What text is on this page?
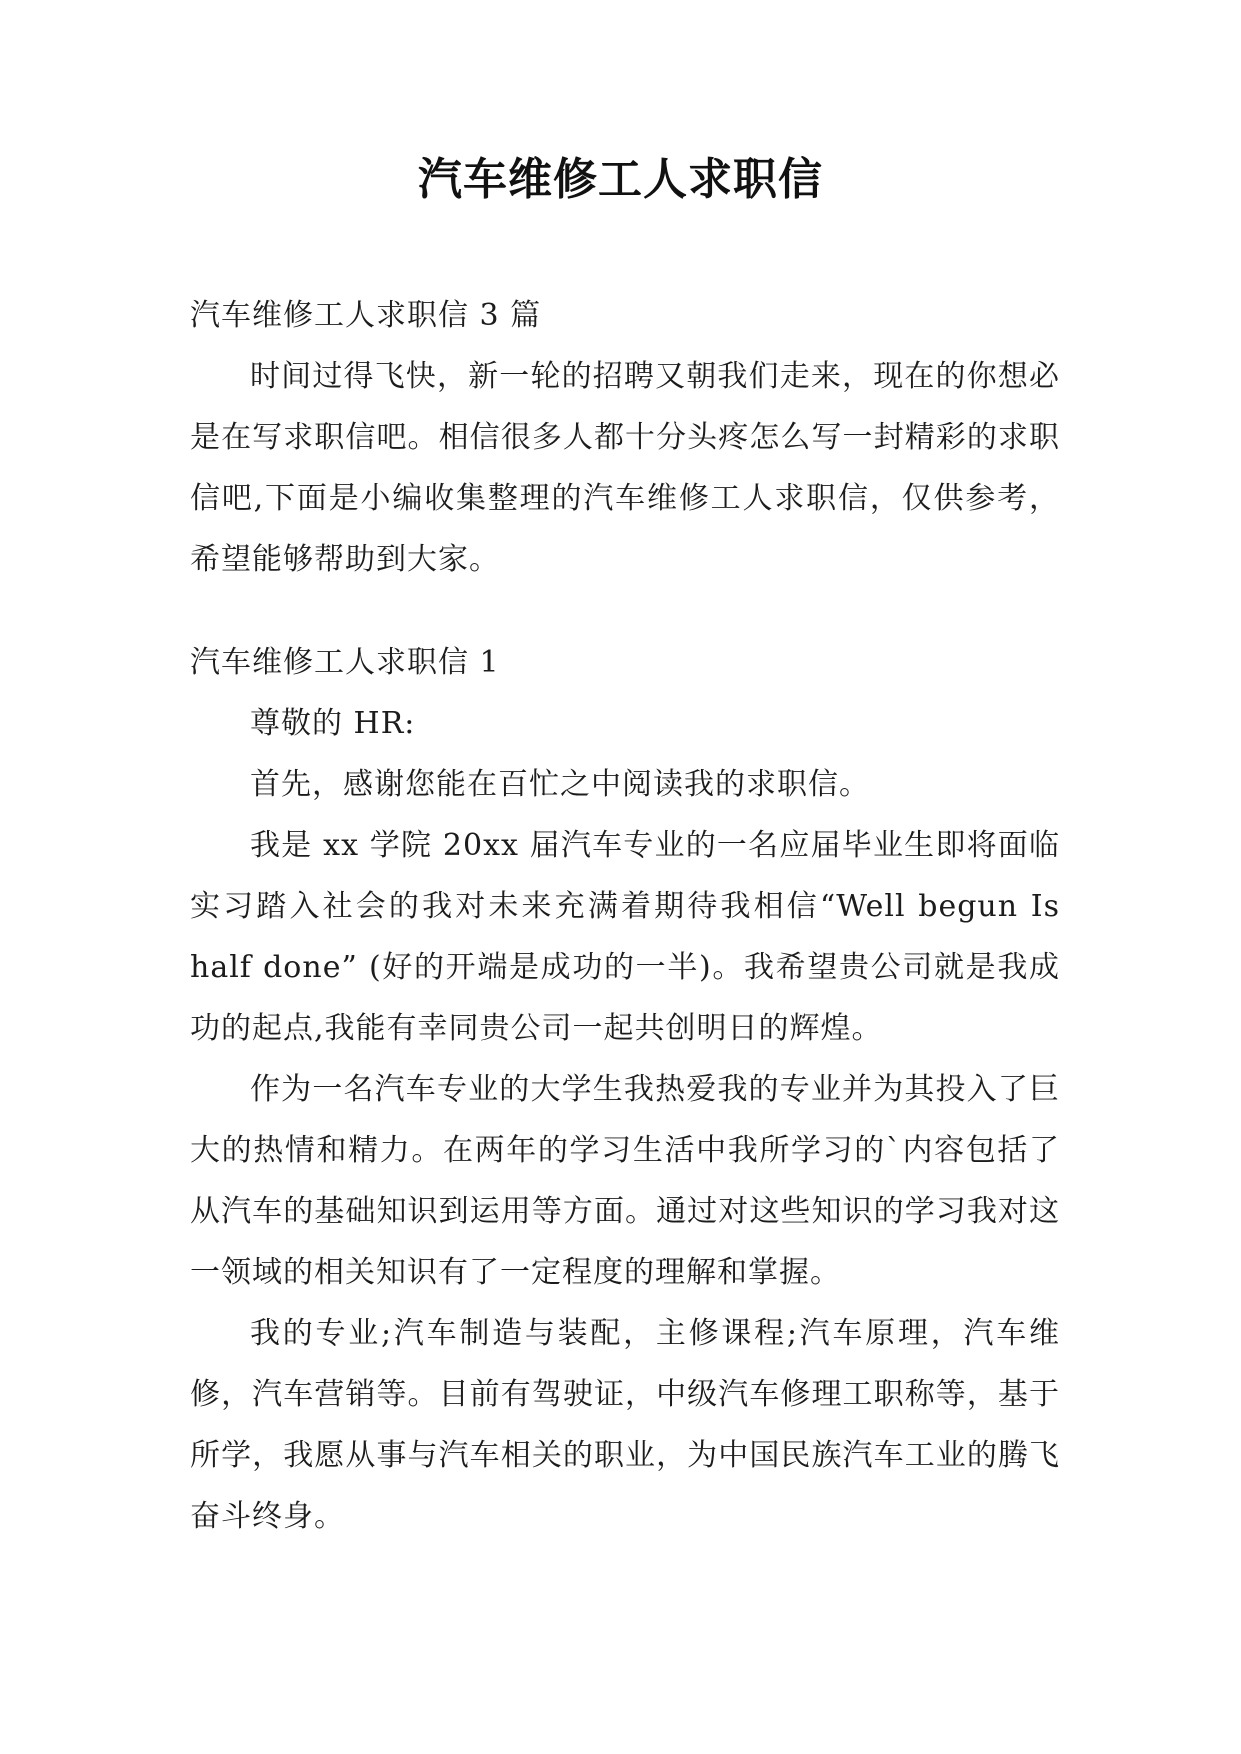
汽车维修工人求职信

汽车维修工人求职信 3 篇

时间过得飞快，新一轮的招聘又朝我们走来，现在的你想必是在写求职信吧。相信很多人都十分头疼怎么写一封精彩的求职信吧,下面是小编收集整理的汽车维修工人求职信，仅供参考，希望能够帮助到大家。

汽车维修工人求职信 1

尊敬的 HR:

首先，感谢您能在百忙之中阅读我的求职信。

我是 xx 学院 20xx 届汽车专业的一名应届毕业生即将面临实习踏入社会的我对未来充满着期待我相信“Well begun Is half done” (好的开端是成功的一半)。我希望贵公司就是我成功的起点,我能有幸同贵公司一起共创明日的辉煌。

作为一名汽车专业的大学生我热爱我的专业并为其投入了巨大的热情和精力。在两年的学习生活中我所学习的`内容包括了从汽车的基础知识到运用等方面。通过对这些知识的学习我对这一领域的相关知识有了一定程度的理解和掌握。

我的专业;汽车制造与装配，主修课程;汽车原理，汽车维修，汽车营销等。目前有驾驶证，中级汽车修理工职称等，基于所学，我愿从事与汽车相关的职业，为中国民族汽车工业的腾飞奋斗终身。
